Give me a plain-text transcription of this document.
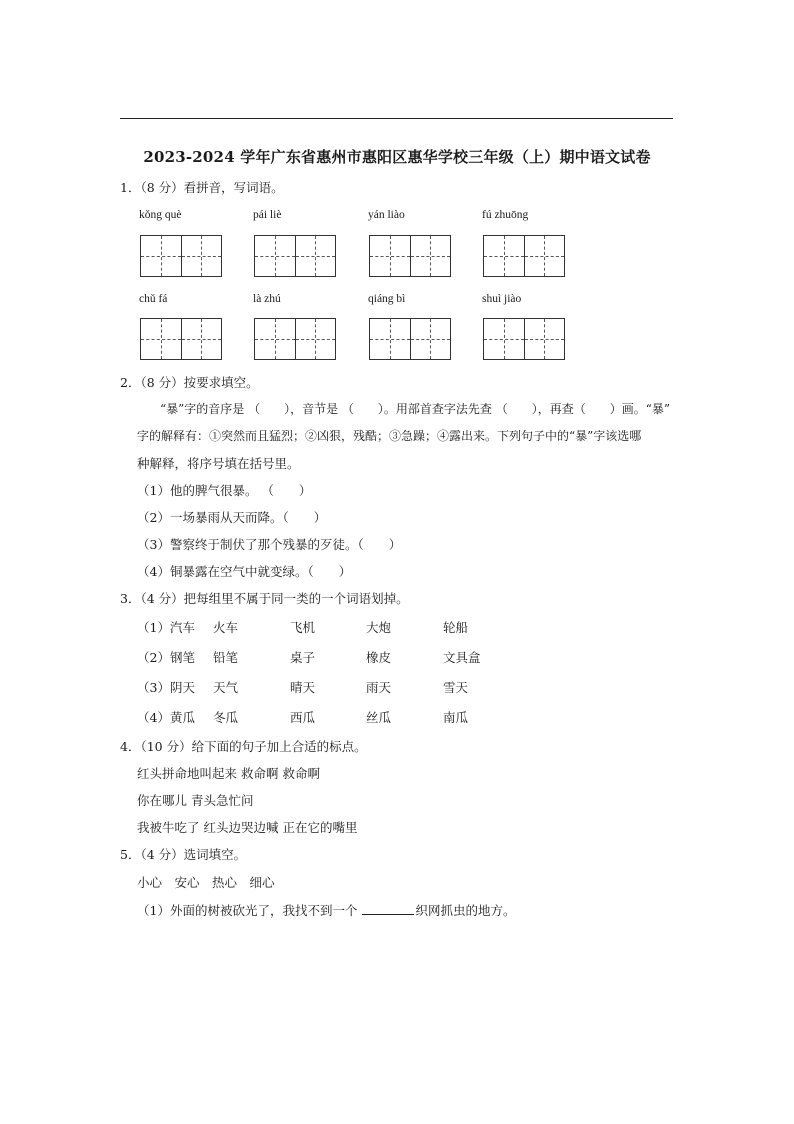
2023-2024 学年广东省惠州市惠阳区惠华学校三年级（上）期中语文试卷
1．（8 分）看拼音，写词语。
kǒng què	pái liè	yán liào	fú zhuōng
chǔ fá	là zhú	qiáng bì	shuì jiào
2．（8 分）按要求填空。
“暴”字的音序是 （　　），音节是 （　　）。用部首查字法先查 （　　），再查（　　）画。“暴”
字的解释有：①突然而且猛烈；②凶狠，残酷；③急躁；④露出来。下列句子中的“暴”字该选哪
种解释，将序号填在括号里。
（1）他的脾气很暴。 （　　）
（2）一场暴雨从天而降。（　　）
（3）警察终于制伏了那个残暴的歹徒。（　　）
（4）铜暴露在空气中就变绿。（　　）
3．（4 分）把每组里不属于同一类的一个词语划掉。
（1）汽车 火车	飞机	大炮	轮船
（2）钢笔 铅笔	桌子	橡皮	文具盒
（3）阴天 天气	晴天	雨天	雪天
（4）黄瓜 冬瓜	西瓜	丝瓜	南瓜
4．（10 分）给下面的句子加上合适的标点。
红头拼命地叫起来 救命啊 救命啊
你在哪儿 青头急忙问
我被牛吃了 红头边哭边喊 正在它的嘴里
5．（4 分）选词填空。
小心　安心　热心　细心
（1）外面的树被砍光了，我找不到一个	织网抓虫的地方。
